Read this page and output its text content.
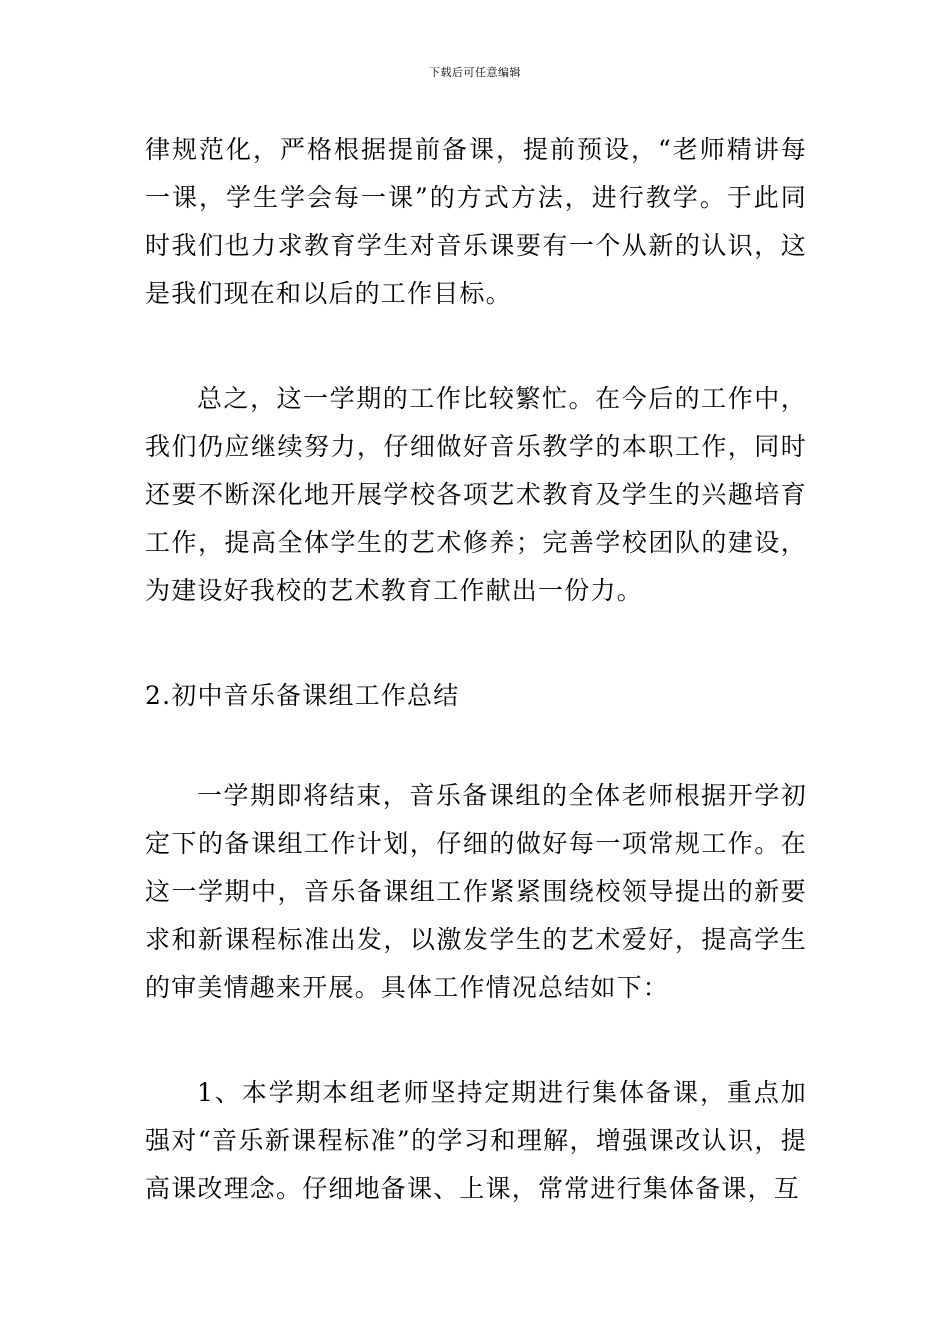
下载后可任意编辑

律规范化，严格根据提前备课，提前预设，“老师精讲每一课，学生学会每一课”的方式方法，进行教学。于此同时我们也力求教育学生对音乐课要有一个从新的认识，这是我们现在和以后的工作目标。

总之，这一学期的工作比较繁忙。在今后的工作中，我们仍应继续努力，仔细做好音乐教学的本职工作，同时还要不断深化地开展学校各项艺术教育及学生的兴趣培育工作，提高全体学生的艺术修养；完善学校团队的建设，为建设好我校的艺术教育工作献出一份力。

2.初中音乐备课组工作总结

一学期即将结束，音乐备课组的全体老师根据开学初定下的备课组工作计划，仔细的做好每一项常规工作。在这一学期中，音乐备课组工作紧紧围绕校领导提出的新要求和新课程标准出发，以激发学生的艺术爱好，提高学生的审美情趣来开展。具体工作情况总结如下：

1、本学期本组老师坚持定期进行集体备课，重点加强对“音乐新课程标准”的学习和理解，增强课改认识，提高课改理念。仔细地备课、上课，常常进行集体备课，互
